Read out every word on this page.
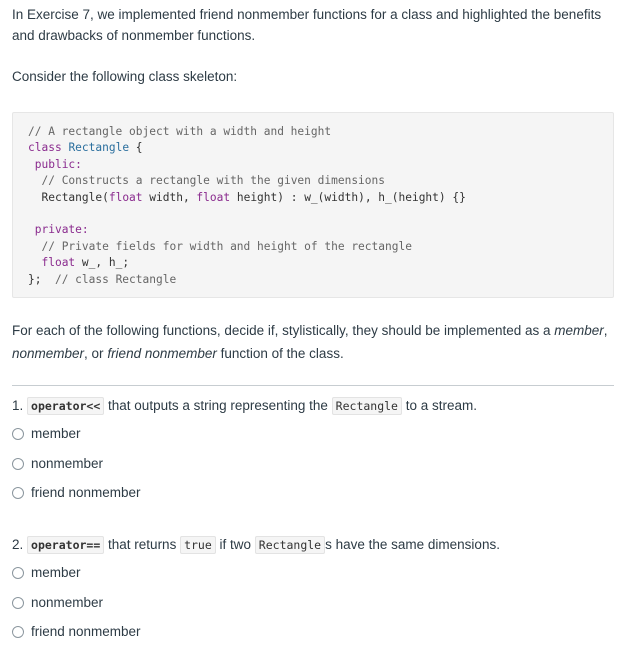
In Exercise 7, we implemented friend nonmember functions for a class and highlighted the benefits and drawbacks of nonmember functions.

Consider the following class skeleton:

// A rectangle object with a width and height
class Rectangle {
public:
// Constructs a rectangle with the given dimensions
Rectangle(float width, float height) : w_(width), h_(height) {}
private:
// Private fields for width and height of the rectangle
float w_, h_;
};  // class Rectangle

For each of the following functions, decide if, stylistically, they should be implemented as a member, nonmember, or friend nonmember function of the class.

1. operator<< that outputs a string representing the Rectangle to a stream.
member
nonmember
friend nonmember
2. operator== that returns true if two Rectangle s have the same dimensions.
member
nonmember
friend nonmember
